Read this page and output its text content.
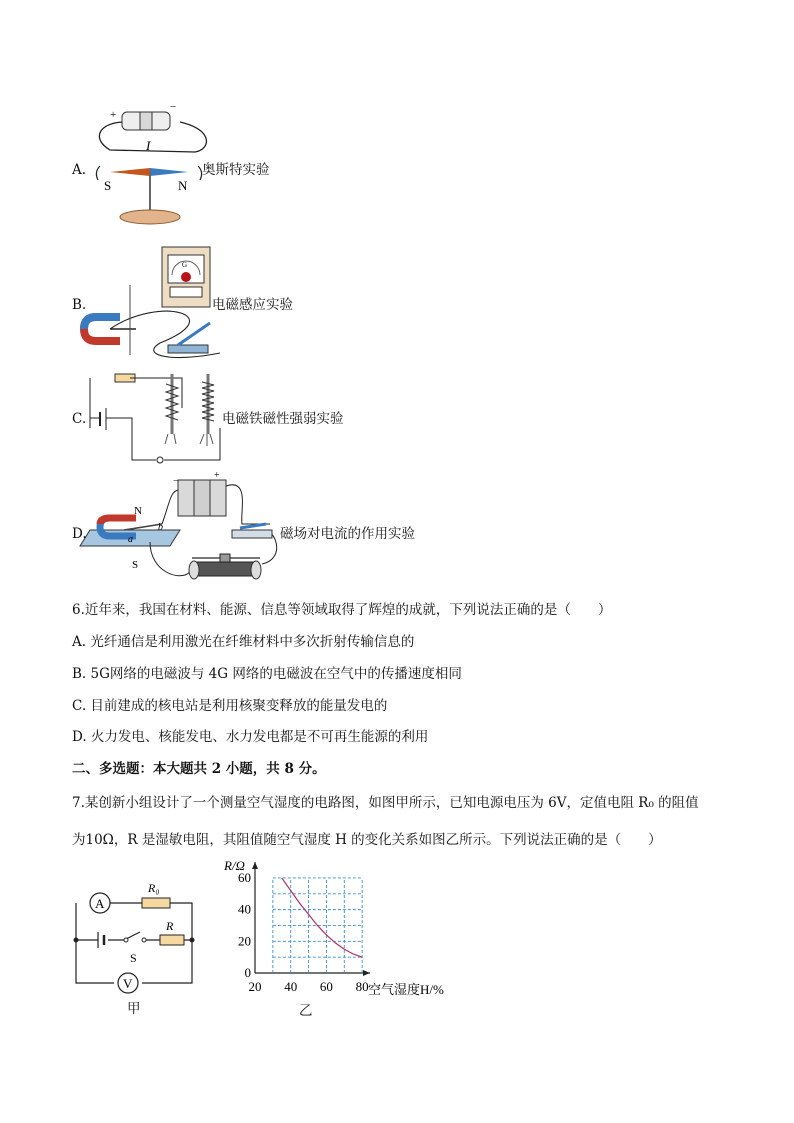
+
−
I
S	N
A.	奥斯特实验
G
B.	电磁感应实验
C.	电磁铁磁性强弱实验
−
+
N
S
b
a
D.	磁场对电流的作用实验
6.近年来，我国在材料、能源、信息等领域取得了辉煌的成就，下列说法正确的是（　　）
A. 光纤通信是利用激光在纤维材料中多次折射传输信息的
B. 5G网络的电磁波与 4G 网络的电磁波在空气中的传播速度相同
C. 目前建成的核电站是利用核聚变释放的能量发电的
D. 火力发电、核能发电、水力发电都是不可再生能源的利用
二、多选题：本大题共 2 小题，共 8 分。
7.某创新小组设计了一个测量空气湿度的电路图，如图甲所示，已知电源电压为 6V，定值电阻 R₀ 的阻值
为10Ω，R 是湿敏电阻，其阻值随空气湿度 H 的变化关系如图乙所示。下列说法正确的是（　　）
A
R₀
R
S
V
甲
0
20
40
60
20 40 60 80
R/Ω
空气湿度H/%
乙
